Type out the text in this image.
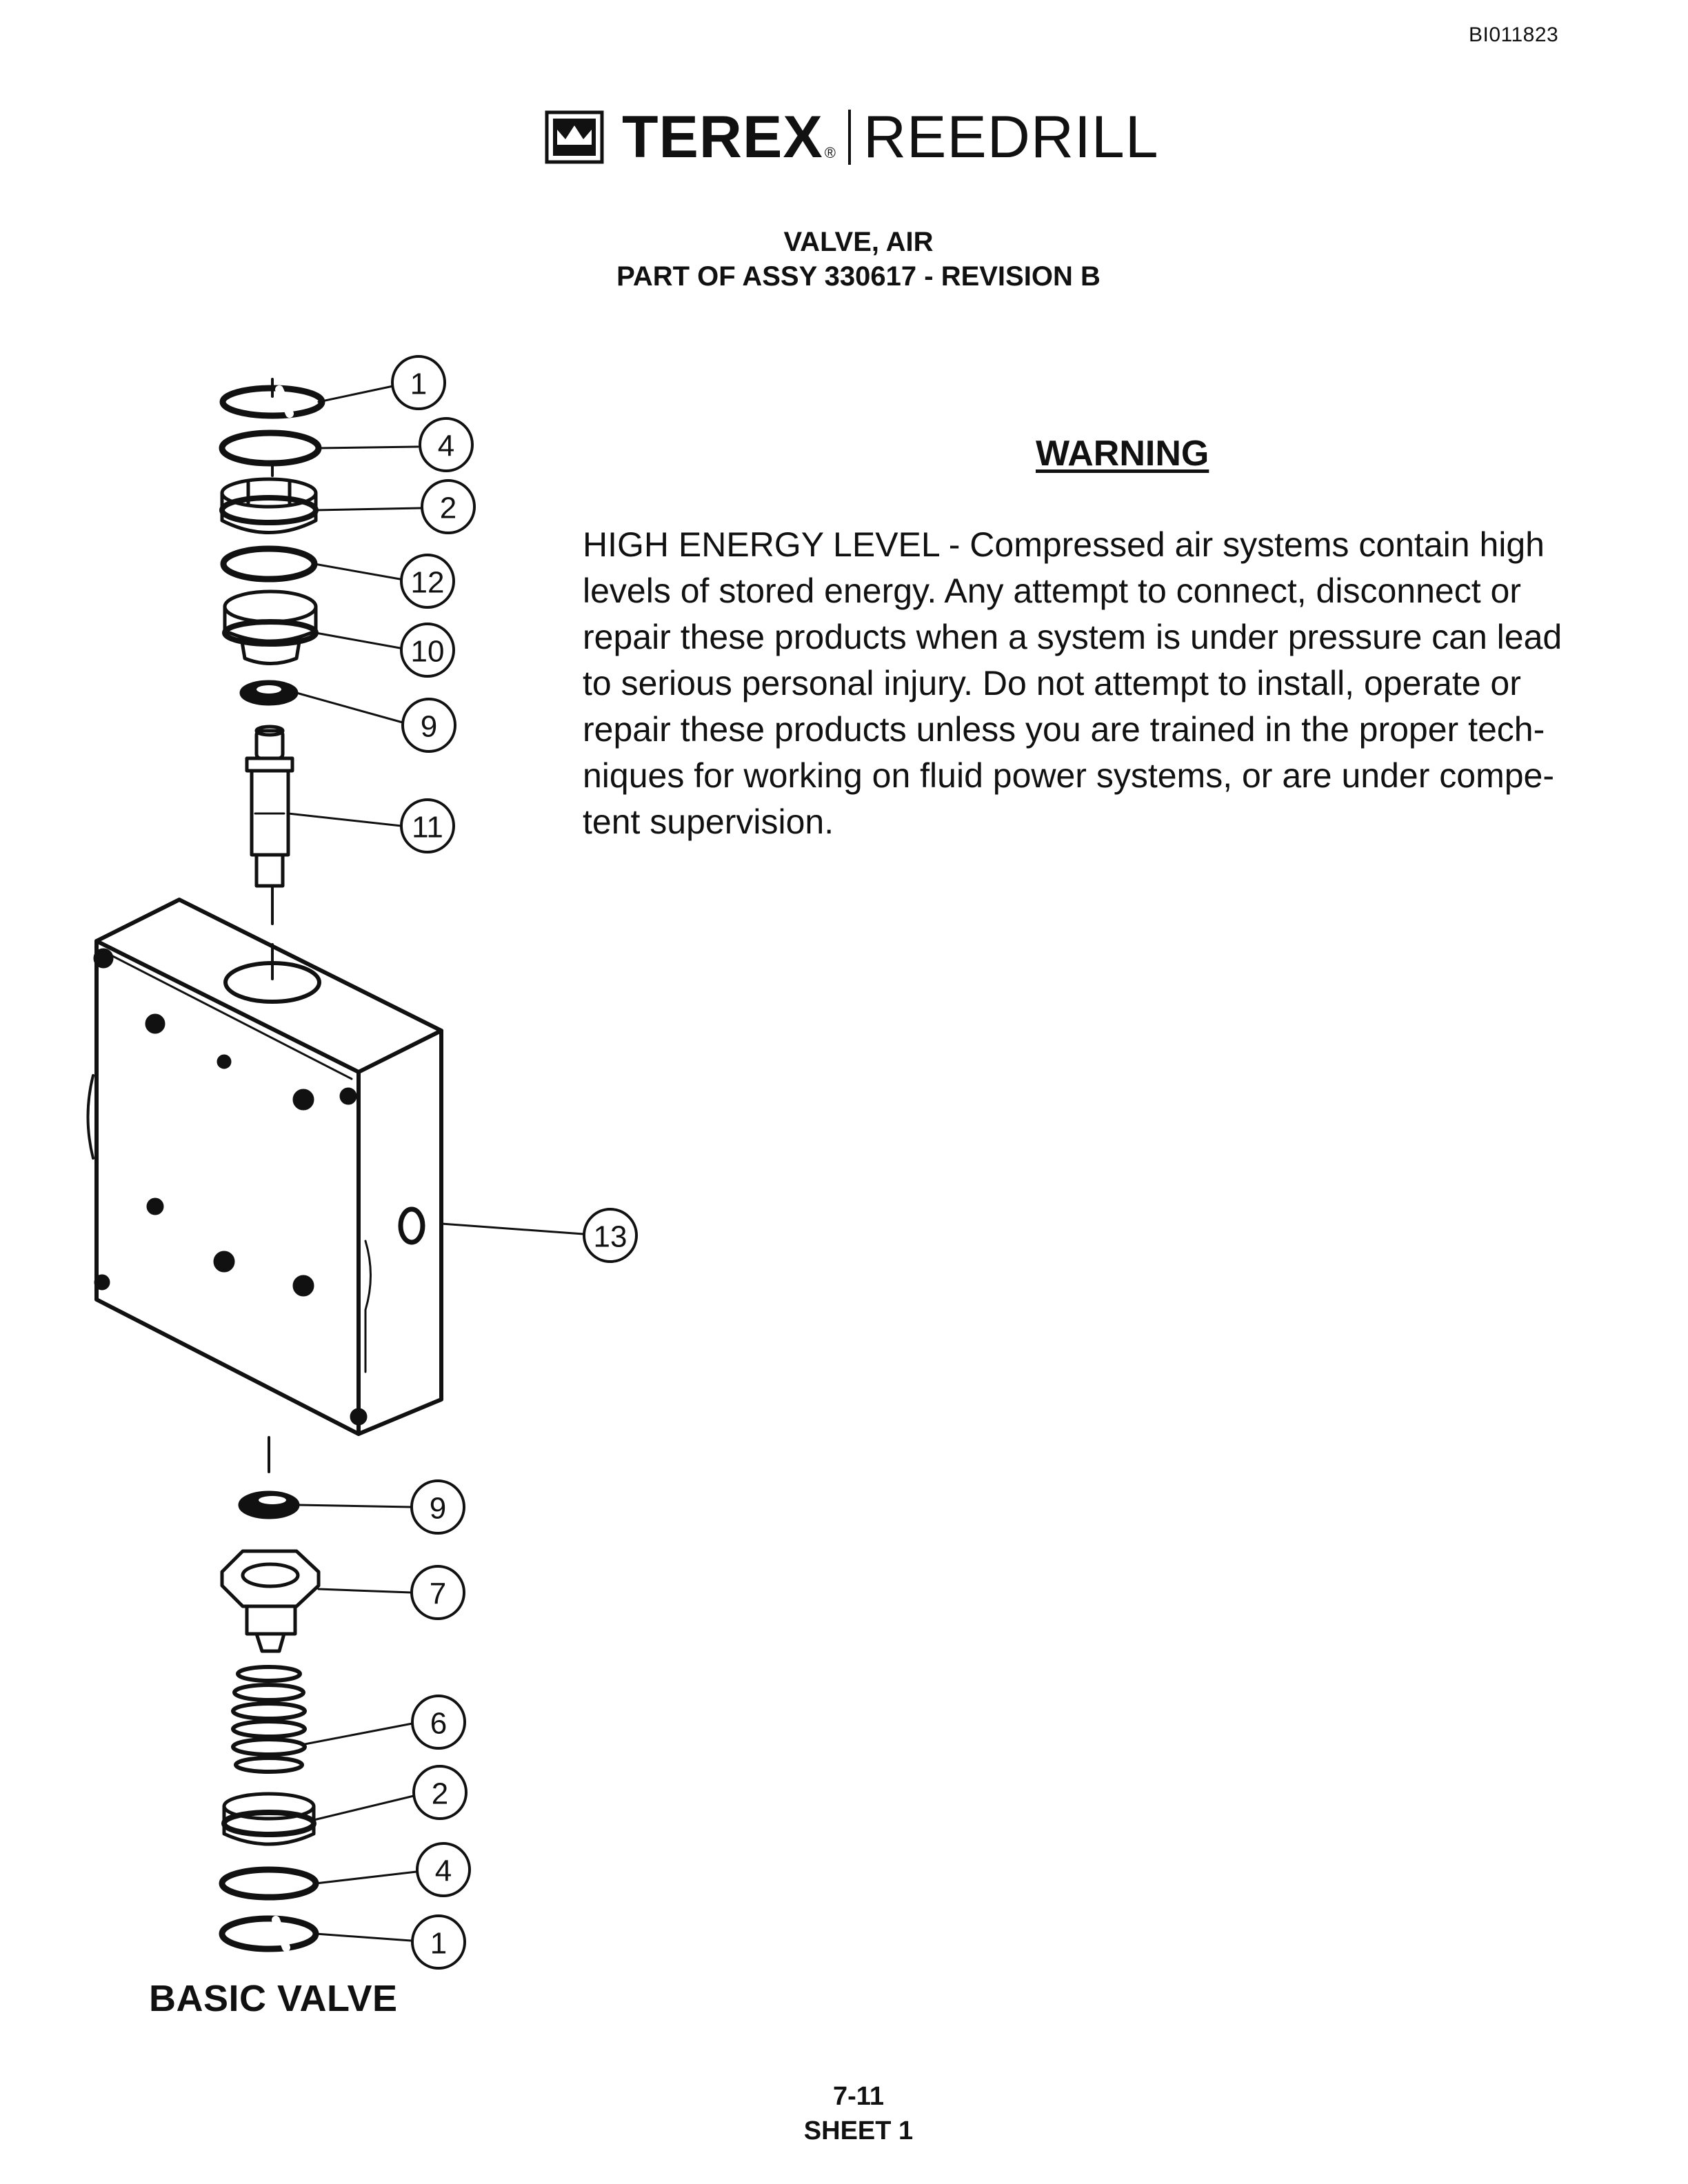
BI011823
TEREX ® REEDRILL
VALVE, AIR
PART OF ASSY 330617 - REVISION B
WARNING
HIGH ENERGY LEVEL - Compressed air systems contain high
levels of stored energy. Any attempt to connect, disconnect or
repair these products when a system is under pressure can lead
to serious personal injury. Do not attempt to install, operate or
repair these products unless you are trained in the proper tech-
niques for working on fluid power systems, or are under compe-
tent supervision.
1
4
2
12
10
9
11
13
9
7
6
2
4
1
BASIC VALVE
7-11
SHEET 1
